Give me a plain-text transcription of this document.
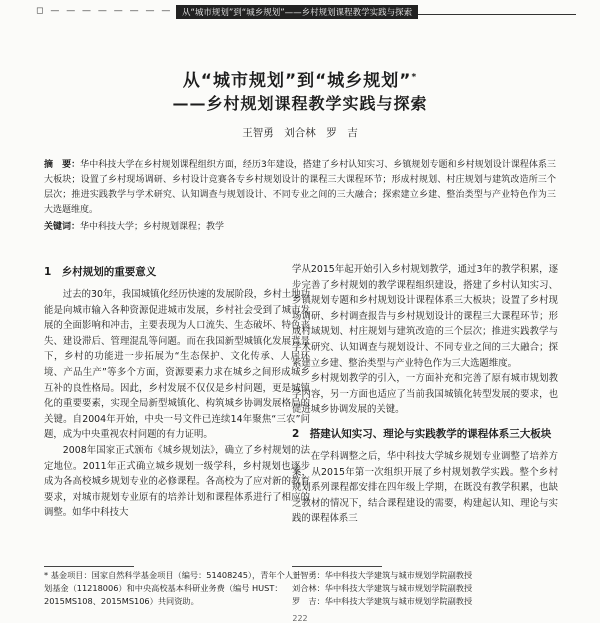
◻ — — — — — — — —	从“城市规划”到“城乡规划”——乡村规划课程教学实践与探索
从“城市规划”到“城乡规划”*
——乡村规划课程教学实践与探索
王智勇　刘合林　罗　吉
摘　要：华中科技大学在乡村规划课程组织方面，经历3年建设，搭建了乡村认知实习、乡镇规划专题和乡村规划设计课程体系三大板块；设置了乡村现场调研、乡村设计竞赛各专乡村规划设计的课程三大课程环节；形成村规划、村庄规划与建筑改造所三个层次；推进实践教学与学术研究、认知调查与规划设计、不同专业之间的三大融合；探索建立乡建、整治类型与产业特色作为三大选题维度。
关键词：华中科技大学；乡村规划课程；教学
1　乡村规划的重要意义

过去的30年，我国城镇化经历快速的发展阶段，乡村土地功能是向城市输入各种资源促进城市发展，乡村社会受到了城市发展的全面影响和冲击，主要表现为人口流失、生态破坏、特色丧失、建设滞后、管理混乱等问题。而在我国新型城镇化发展背景下，乡村的功能进一步拓展为“生态保护、文化传承、人居环境、产品生产”等多个方面，资源要素力求在城乡之间形成城乡互补的良性格局。因此，乡村发展不仅仅是乡村问题，更是城镇化的重要要素，实现全局新型城镇化、构筑城乡协调发展格局的关键。自2004年开始，中央一号文件已连续14年聚焦“三农”问题，成为中央重视农村问题的有力证明。

2008年国家正式颁布《城乡规划法》，确立了乡村规划的法定地位。2011年正式确立城乡规划一级学科，乡村规划也逐步成为各高校城乡规划专业的必修课程。各高校为了应对新的教育要求，对城市规划专业原有的培养计划和课程体系进行了相应的调整。如华中科技大

学从2015年起开始引入乡村规划教学，通过3年的教学积累，逐步完善了乡村规划的教学课程组织建设，搭建了乡村认知实习、乡镇规划专题和乡村规划设计课程体系三大板块；设置了乡村现场调研、乡村调查报告与乡村规划设计的课程三大课程环节；形成村域规划、村庄规划与建筑改造的三个层次；推进实践教学与学术研究、认知调查与规划设计、不同专业之间的三大融合；探索建立乡建、整治类型与产业特色作为三大选题维度。

乡村规划教学的引入，一方面补充和完善了原有城市规划教学内容，另一方面也适应了当前我国城镇化转型发展的要求，也促进城乡协调发展的关键。

2　搭建认知实习、理论与实践教学的课程体系三大板块

在学科调整之后，华中科技大学城乡规划专业调整了培养方案，从2015年第一次组织开展了乡村规划教学实践。整个乡村规划系列课程都安排在四年级上学期，在既没有教学积累，也缺乏教材的情况下，结合课程建设的需要，构建起认知、理论与实践的课程体系三

* 基金项目：国家自然科学基金项目（编号：51408245），青年个人计划基金（11218006）和中央高校基本科研业务费（编号 HUST：2015MS108、2015MS106）共同资助。
王智勇：华中科技大学建筑与城市规划学院副教授
刘合林：华中科技大学建筑与城市规划学院副教授
罗　吉：华中科技大学建筑与城市规划学院副教授
222
